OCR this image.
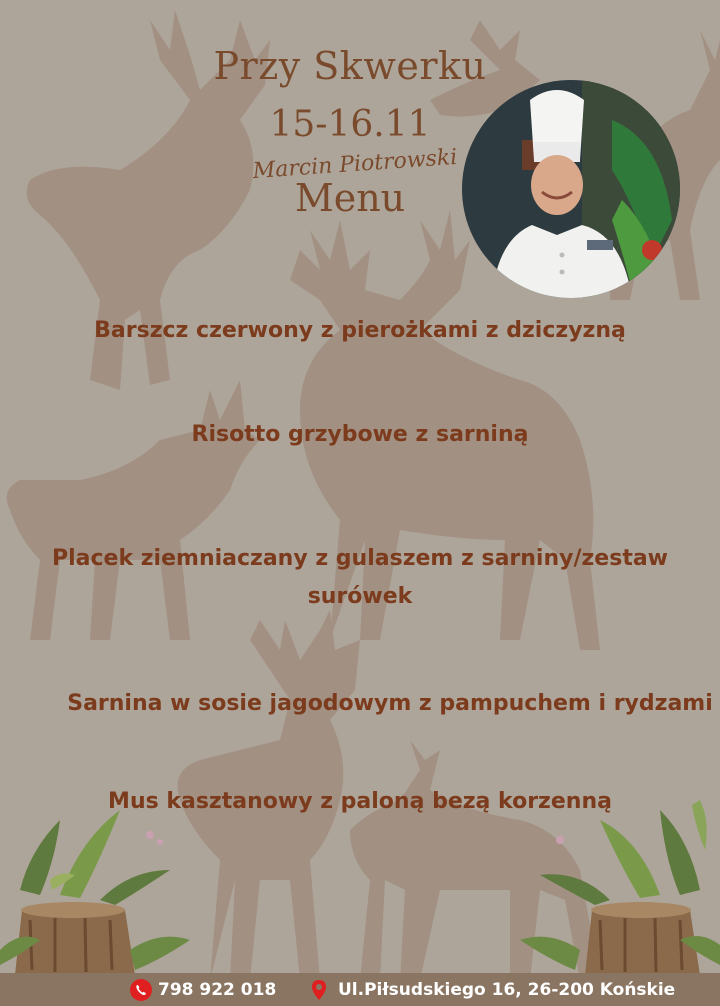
Przy Skwerku
15-16.11
Marcin Piotrowski
Menu
Barszcz czerwony z pierożkami z dziczyzną
Risotto grzybowe z sarniną
Placek ziemniaczany z gulaszem z sarniny/zestaw
surówek
Sarnina w sosie jagodowym z pampuchem i rydzami
Mus kasztanowy z paloną bezą korzenną
798 922 018	Ul.Piłsudskiego 16, 26-200 Końskie
